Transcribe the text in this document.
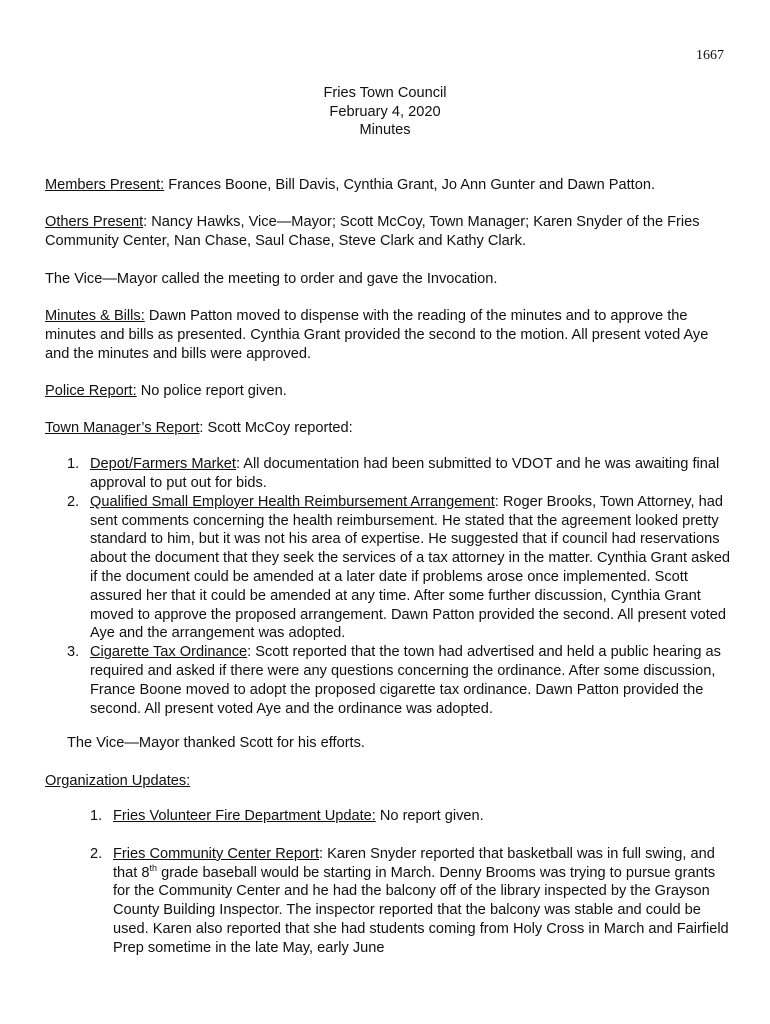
1667
Fries Town Council
February 4, 2020
Minutes

Members Present: Frances Boone, Bill Davis, Cynthia Grant, Jo Ann Gunter and Dawn Patton.

Others Present: Nancy Hawks, Vice—Mayor; Scott McCoy, Town Manager; Karen Snyder of the Fries Community Center, Nan Chase, Saul Chase, Steve Clark and Kathy Clark.

The Vice—Mayor called the meeting to order and gave the Invocation.

Minutes & Bills: Dawn Patton moved to dispense with the reading of the minutes and to approve the minutes and bills as presented. Cynthia Grant provided the second to the motion. All present voted Aye and the minutes and bills were approved.

Police Report: No police report given.

Town Manager’s Report: Scott McCoy reported:

1. Depot/Farmers Market: All documentation had been submitted to VDOT and he was awaiting final approval to put out for bids.
2. Qualified Small Employer Health Reimbursement Arrangement: Roger Brooks, Town Attorney, had sent comments concerning the health reimbursement. He stated that the agreement looked pretty standard to him, but it was not his area of expertise. He suggested that if council had reservations about the document that they seek the services of a tax attorney in the matter. Cynthia Grant asked if the document could be amended at a later date if problems arose once implemented. Scott assured her that it could be amended at any time. After some further discussion, Cynthia Grant moved to approve the proposed arrangement. Dawn Patton provided the second. All present voted Aye and the arrangement was adopted.
3. Cigarette Tax Ordinance: Scott reported that the town had advertised and held a public hearing as required and asked if there were any questions concerning the ordinance. After some discussion, France Boone moved to adopt the proposed cigarette tax ordinance. Dawn Patton provided the second. All present voted Aye and the ordinance was adopted.

The Vice—Mayor thanked Scott for his efforts.

Organization Updates:

1. Fries Volunteer Fire Department Update: No report given.
2. Fries Community Center Report: Karen Snyder reported that basketball was in full swing, and that 8th grade baseball would be starting in March. Denny Brooms was trying to pursue grants for the Community Center and he had the balcony off of the library inspected by the Grayson County Building Inspector. The inspector reported that the balcony was stable and could be used. Karen also reported that she had students coming from Holy Cross in March and Fairfield Prep sometime in the late May, early June
